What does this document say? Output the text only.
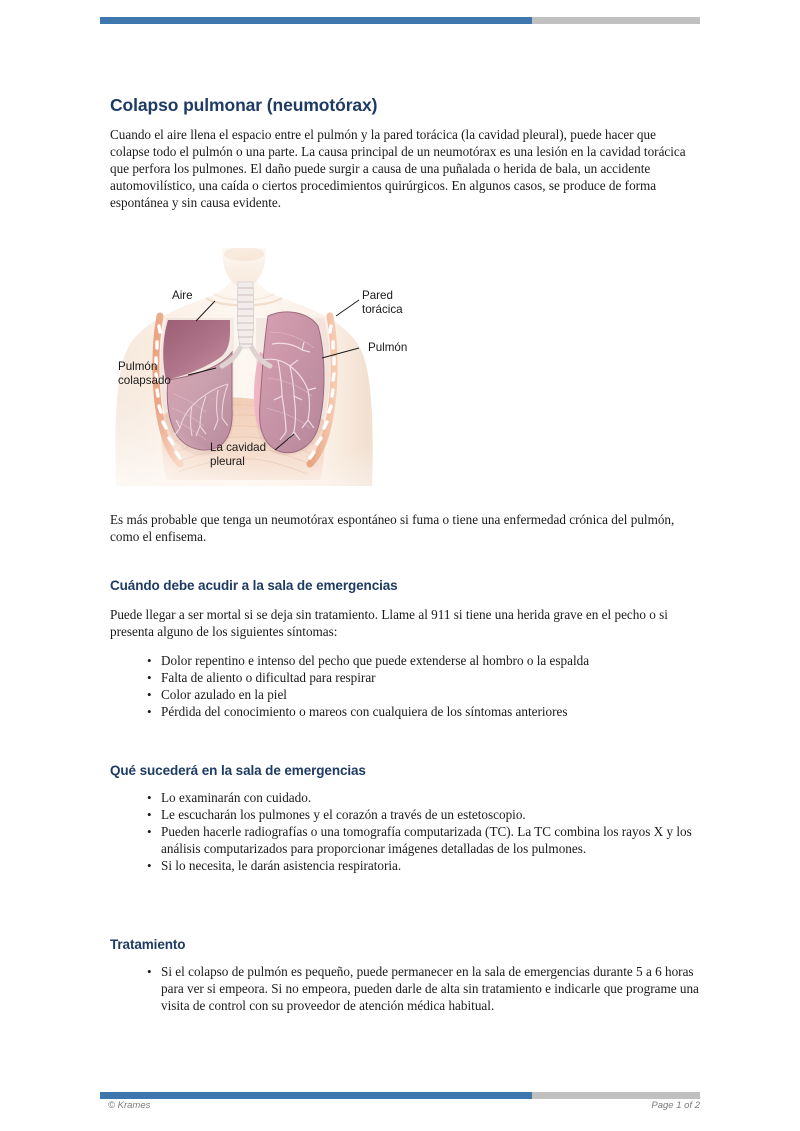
Colapso pulmonar (neumotórax)

Cuando el aire llena el espacio entre el pulmón y la pared torácica (la cavidad pleural), puede hacer que colapse todo el pulmón o una parte. La causa principal de un neumotórax es una lesión en la cavidad torácica que perfora los pulmones. El daño puede surgir a causa de una puñalada o herida de bala, un accidente automovilístico, una caída o ciertos procedimientos quirúrgicos. En algunos casos, se produce de forma espontánea y sin causa evidente.

Es más probable que tenga un neumotórax espontáneo si fuma o tiene una enfermedad crónica del pulmón, como el enfisema.

Cuándo debe acudir a la sala de emergencias

Puede llegar a ser mortal si se deja sin tratamiento. Llame al 911 si tiene una herida grave en el pecho o si presenta alguno de los siguientes síntomas:

• Dolor repentino e intenso del pecho que puede extenderse al hombro o la espalda
• Falta de aliento o dificultad para respirar
• Color azulado en la piel
• Pérdida del conocimiento o mareos con cualquiera de los síntomas anteriores
Qué sucederá en la sala de emergencias
• Lo examinarán con cuidado.
• Le escucharán los pulmones y el corazón a través de un estetoscopio.
• Pueden hacerle radiografías o una tomografía computarizada (TC). La TC combina los rayos X y los análisis computarizados para proporcionar imágenes detalladas de los pulmones.
• Si lo necesita, le darán asistencia respiratoria.
Tratamiento
• Si el colapso de pulmón es pequeño, puede permanecer en la sala de emergencias durante 5 a 6 horas para ver si empeora. Si no empeora, pueden darle de alta sin tratamiento e indicarle que programe una visita de control con su proveedor de atención médica habitual.
Aire
Pulmón
colapsado
Pared
torácica
Pulmón
La cavidad
pleural
© Krames	Page 1 of 2
